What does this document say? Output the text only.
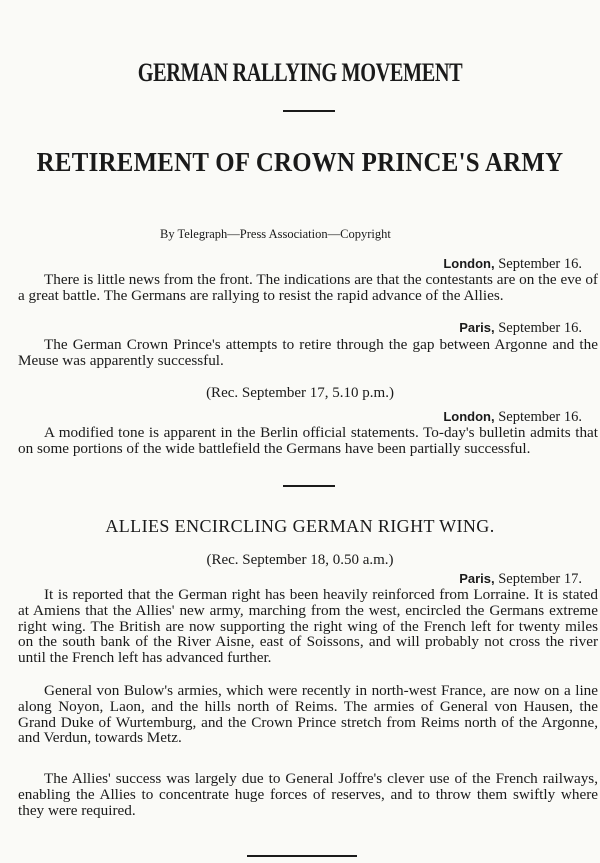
GERMAN RALLYING MOVEMENT
RETIREMENT OF CROWN PRINCE'S ARMY
By Telegraph—Press Association—Copyright
London, September 16.
There is little news from the front. The indications are that the contestants are on the eve of a great battle. The Germans are rallying to resist the rapid advance of the Allies.
Paris, September 16.
The German Crown Prince's attempts to retire through the gap between Argonne and the Meuse was apparently successful.
(Rec. September 17, 5.10 p.m.)
London, September 16.
A modified tone is apparent in the Berlin official statements. To-day's bulletin admits that on some portions of the wide battlefield the Germans have been partially successful.
ALLIES ENCIRCLING GERMAN RIGHT WING.
(Rec. September 18, 0.50 a.m.)
Paris, September 17.
It is reported that the German right has been heavily reinforced from Lorraine. It is stated at Amiens that the Allies' new army, marching from the west, encircled the Germans extreme right wing. The British are now supporting the right wing of the French left for twenty miles on the south bank of the River Aisne, east of Soissons, and will probably not cross the river until the French left has advanced further.
General von Bulow's armies, which were recently in north-west France, are now on a line along Noyon, Laon, and the hills north of Reims. The armies of General von Hausen, the Grand Duke of Wurtemburg, and the Crown Prince stretch from Reims north of the Argonne, and Verdun, towards Metz.
The Allies' success was largely due to General Joffre's clever use of the French railways, enabling the Allies to concentrate huge forces of reserves, and to throw them swiftly where they were required.
